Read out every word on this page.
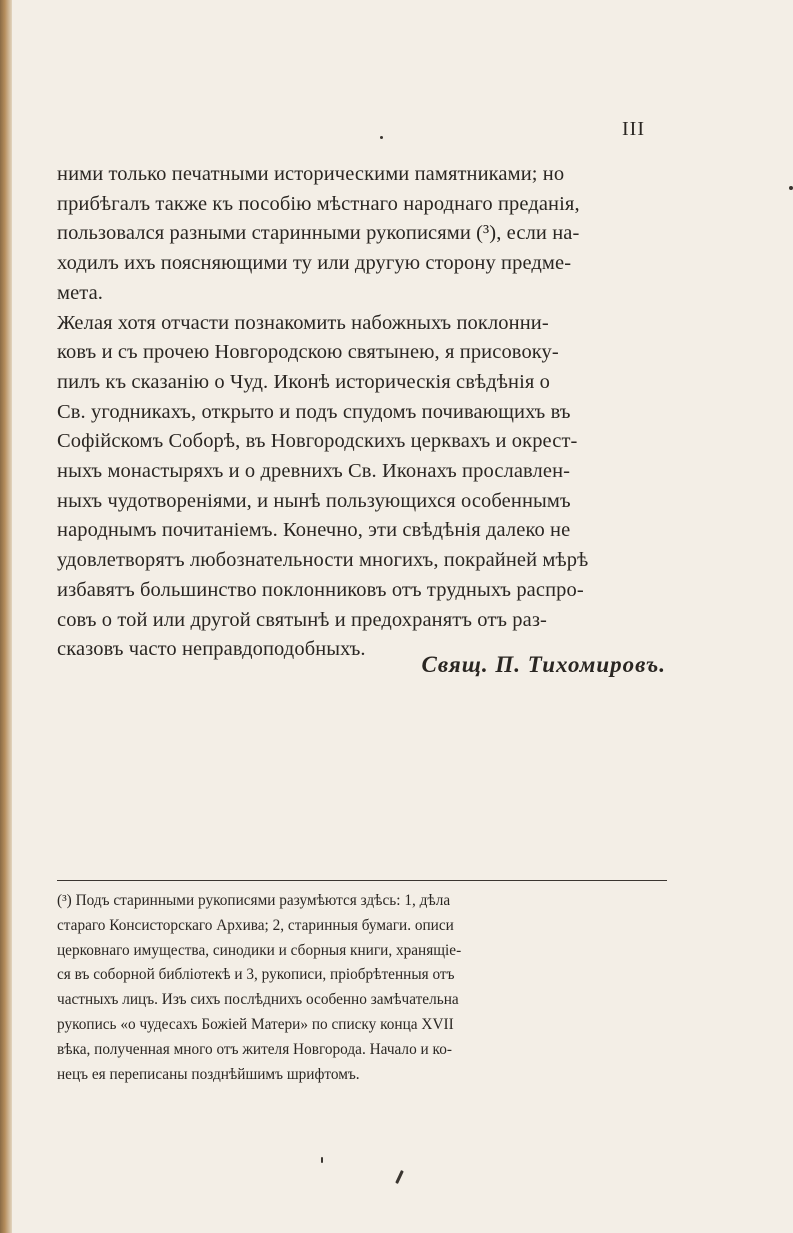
III
ними только печатными историческими памятниками; но
прибѣгалъ также къ пособію мѣстнаго народнаго преданія,
пользовался разными старинными рукописями (³), если на-
ходилъ ихъ поясняющими ту или другую сторону предме-
мета.
Желая хотя отчасти познакомить набожныхъ поклонни-
ковъ и съ прочею Новгородскою святынею, я присовоку-
пилъ къ сказанію о Чуд. Иконѣ историческія свѣдѣнія о
Св. угодникахъ, открыто и подъ спудомъ почивающихъ въ
Софійскомъ Соборѣ, въ Новгородскихъ церквахъ и окрест-
ныхъ монастыряхъ и о древнихъ Св. Иконахъ прославлен-
ныхъ чудотвореніями, и нынѣ пользующихся особеннымъ
народнымъ почитаніемъ. Конечно, эти свѣдѣнія далеко не
удовлетворятъ любознательности многихъ, покрайней мѣрѣ
избавятъ большинство поклонниковъ отъ трудныхъ распро-
совъ о той или другой святынѣ и предохранятъ отъ раз-
сказовъ часто неправдоподобныхъ.
Свящ. П. Тихомировъ.
(³) Подъ старинными рукописями разумѣются здѣсь: 1, дѣла
стараго Консисторскаго Архива; 2, старинныя бумаги. описи
церковнаго имущества, синодики и сборныя книги, хранящіе-
ся въ соборной библіотекѣ и 3, рукописи, пріобрѣтенныя отъ
частныхъ лицъ. Изъ сихъ послѣднихъ особенно замѣчательна
рукопись «о чудесахъ Божіей Матери» по списку конца XVII
вѣка, полученная много отъ жителя Новгорода. Начало и ко-
нецъ ея переписаны позднѣйшимъ шрифтомъ.
